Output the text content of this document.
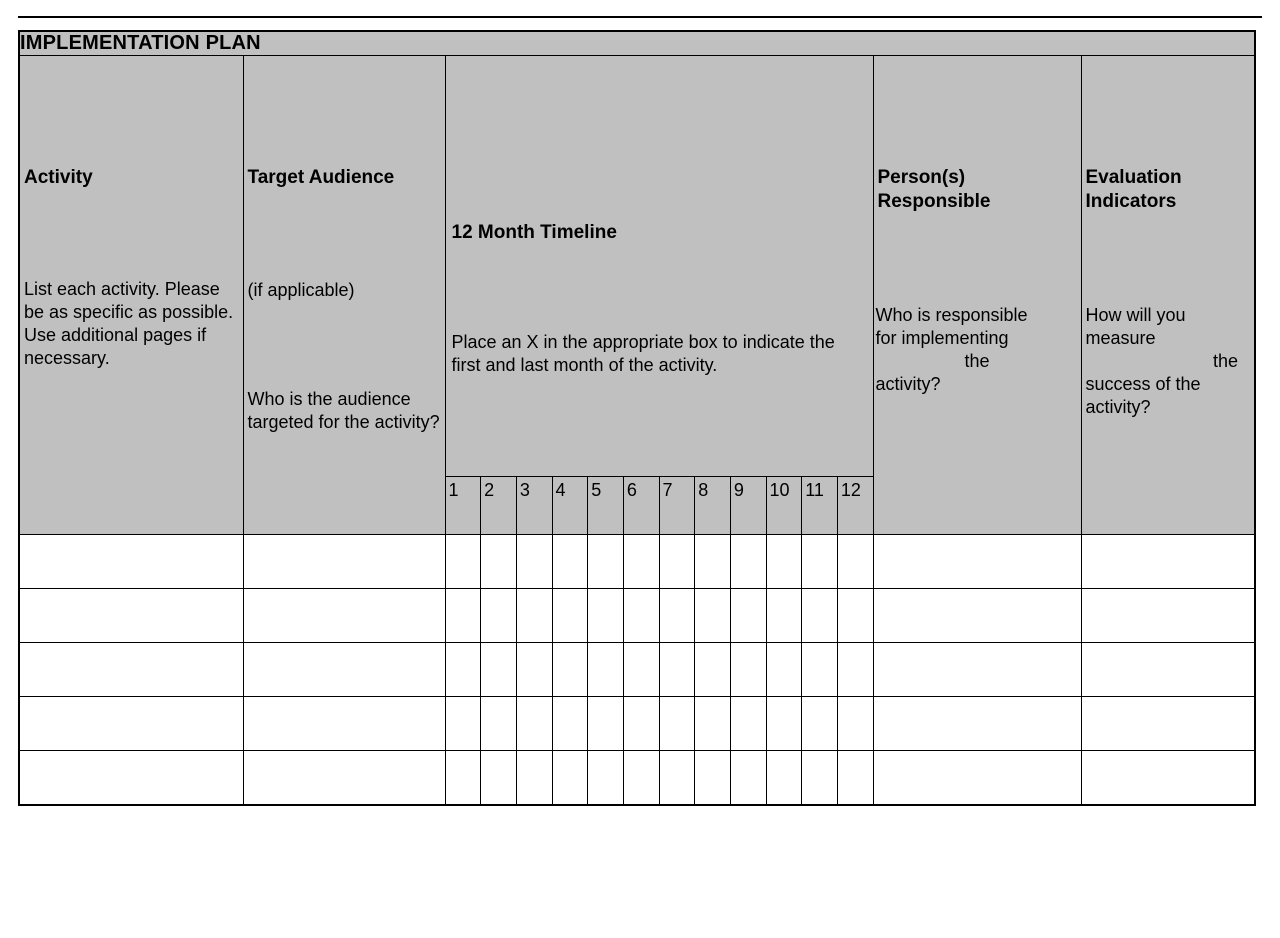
IMPLEMENTATION PLAN				

Activity
List each activity. Please be as specific as possible. Use additional pages if necessary.

Target Audience
(if applicable)
Who is the audience targeted for the activity?

12 Month Timeline
Place an X in the appropriate box to indicate the first and last month of the activity.
1	2	3	4	5	6	7	8	9	10 11 12

Person(s)
Responsible
Who is responsible
for implementing
the
activity?

Evaluation
Indicators
How will you
measure
the
success of the
activity?
